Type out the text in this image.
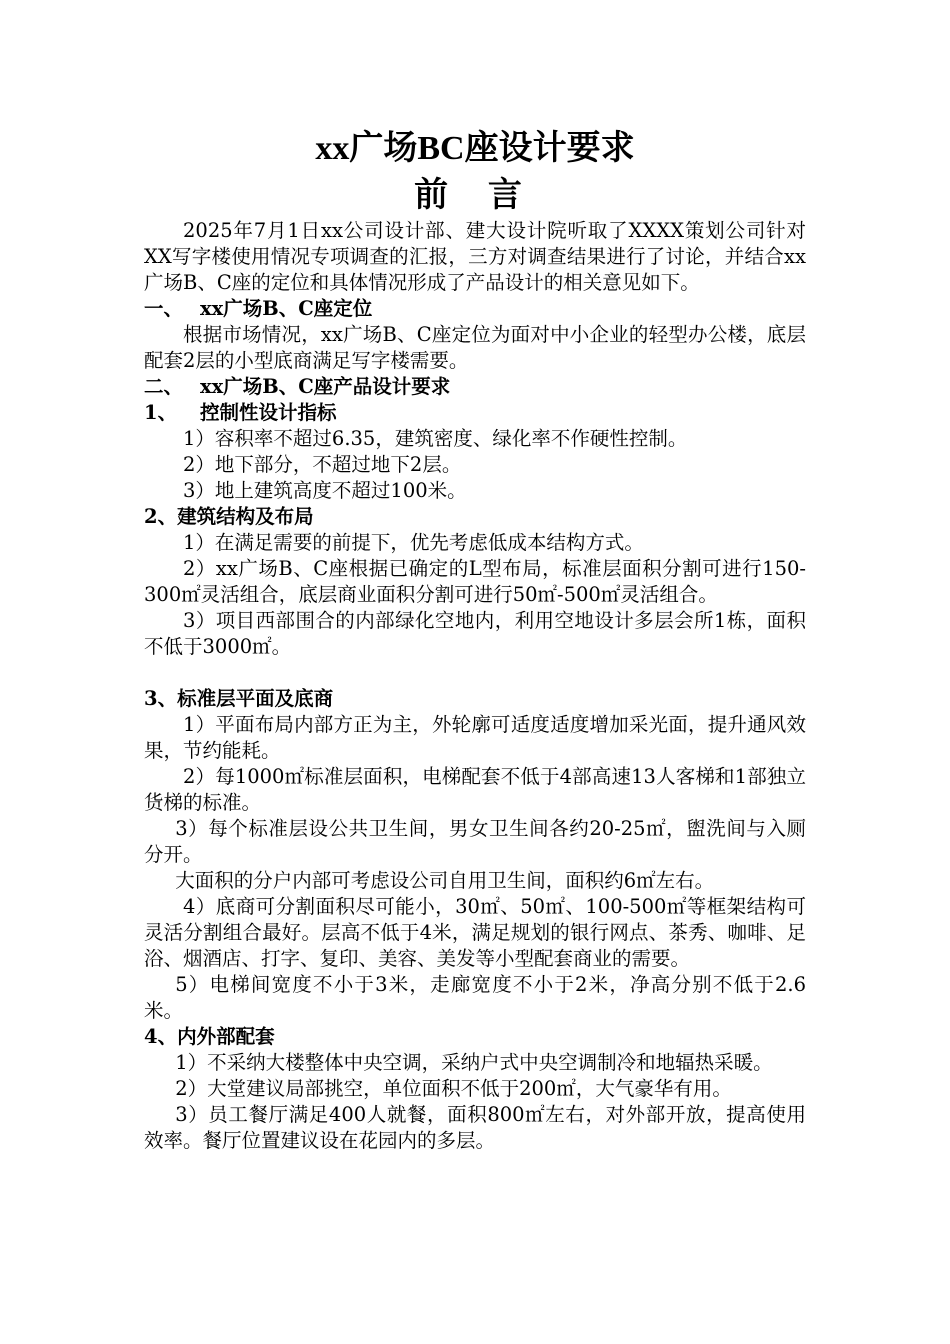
xx广场BC座设计要求
前 言

2025年7月1日xx公司设计部、建大设计院听取了XXXX策划公司针对XX写字楼使用情况专项调查的汇报，三方对调查结果进行了讨论，并结合xx广场B、C座的定位和具体情况形成了产品设计的相关意见如下。

一、 xx广场B、C座定位

根据市场情况，xx广场B、C座定位为面对中小企业的轻型办公楼，底层配套2层的小型底商满足写字楼需要。

二、 xx广场B、C座产品设计要求

1、 控制性设计指标

1）容积率不超过6.35，建筑密度、绿化率不作硬性控制。

2）地下部分，不超过地下2层。

3）地上建筑高度不超过100米。

2、建筑结构及布局

1）在满足需要的前提下，优先考虑低成本结构方式。

2）xx广场B、C座根据已确定的L型布局，标准层面积分割可进行150-300㎡灵活组合，底层商业面积分割可进行50㎡-500㎡灵活组合。

3）项目西部围合的内部绿化空地内，利用空地设计多层会所1栋，面积不低于3000㎡。

3、标准层平面及底商

1）平面布局内部方正为主，外轮廓可适度适度增加采光面，提升通风效果，节约能耗。

2）每1000㎡标准层面积，电梯配套不低于4部高速13人客梯和1部独立货梯的标准。

3）每个标准层设公共卫生间，男女卫生间各约20-25㎡，盥洗间与入厕分开。

大面积的分户内部可考虑设公司自用卫生间，面积约6㎡左右。

4）底商可分割面积尽可能小，30㎡、50㎡、100-500㎡等框架结构可灵活分割组合最好。层高不低于4米，满足规划的银行网点、茶秀、咖啡、足浴、烟酒店、打字、复印、美容、美发等小型配套商业的需要。

5）电梯间宽度不小于3米，走廊宽度不小于2米，净高分别不低于2.6米。

4、内外部配套

1）不采纳大楼整体中央空调，采纳户式中央空调制冷和地辐热采暖。

2）大堂建议局部挑空，单位面积不低于200㎡，大气豪华有用。

3）员工餐厅满足400人就餐，面积800㎡左右，对外部开放，提高使用效率。餐厅位置建议设在花园内的多层。
